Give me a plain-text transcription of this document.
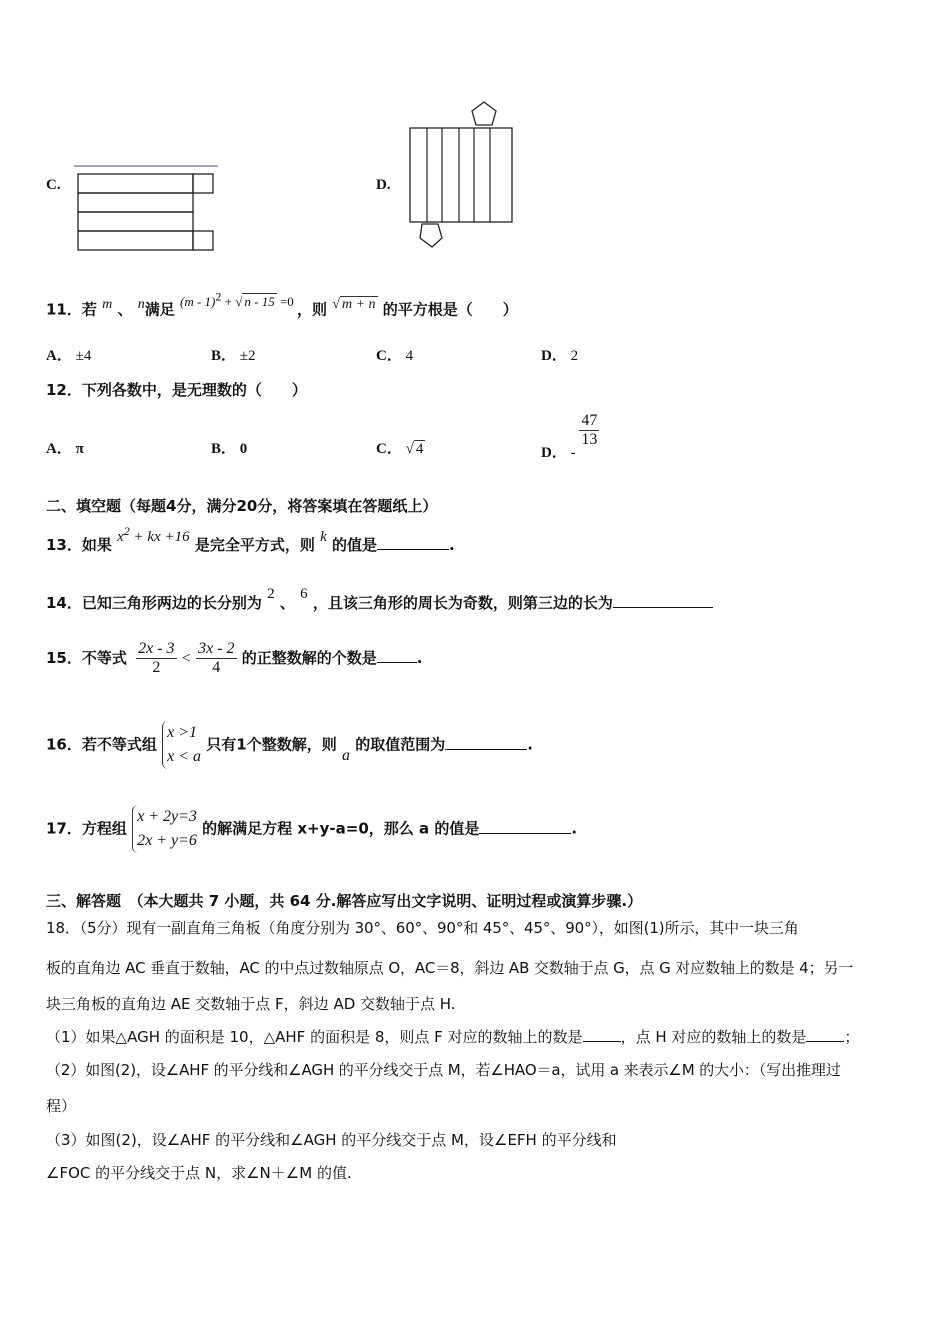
C.	D.
11．若 m 、 n满足 (m - 1)$^2$ + √ n - 15 =0 ，则 √ m + n 的平方根是（　　）
A． ±4	B． ±2	C． 4	D． 2
12．下列各数中，是无理数的（　　）
A． π	B． 0	C． √ 4	D． -
$\frac{47}{13}$
二、填空题（每题4分，满分20分，将答案填在答题纸上）
13．如果 $x^2$ + kx +16 是完全平方式，则 k 的值是	.
14．已知三角形两边的长分别为 2 、 6 ，且该三角形的周长为奇数，则第三边的长为
15．不等式 $\frac{2x - 3}{2} < \frac{3x - 2}{4}$ 的正整数解的个数是	.
16．若不等式组
x >1
x < a
只有1个整数解，则 a 的取值范围为	.
17．方程组
x + 2y=3
2x + y=6
的解满足方程 x+y-a=0，那么 a 的值是	.
三、解答题　（本大题共 7 小题，共 64 分.解答应写出文字说明、证明过程或演算步骤.）
18．（5分）现有一副直角三角板（角度分别为 30°、60°、90°和 45°、45°、90°），如图(1)所示，其中一块三角
板的直角边 AC 垂直于数轴，AC 的中点过数轴原点 O，AC＝8，斜边 AB 交数轴于点 G，点 G 对应数轴上的数是 4；另一
块三角板的直角边 AE 交数轴于点 F，斜边 AD 交数轴于点 H.
（1）如果△AGH 的面积是 10，△AHF 的面积是 8，则点 F 对应的数轴上的数是	，点 H 对应的数轴上的数是	；
（2）如图(2)，设∠AHF 的平分线和∠AGH 的平分线交于点 M，若∠HAO＝a，试用 a 来表示∠M 的大小：（写出推理过
程）
（3）如图(2)，设∠AHF 的平分线和∠AGH 的平分线交于点 M，设∠EFH 的平分线和
∠FOC 的平分线交于点 N，求∠N＋∠M 的值.
